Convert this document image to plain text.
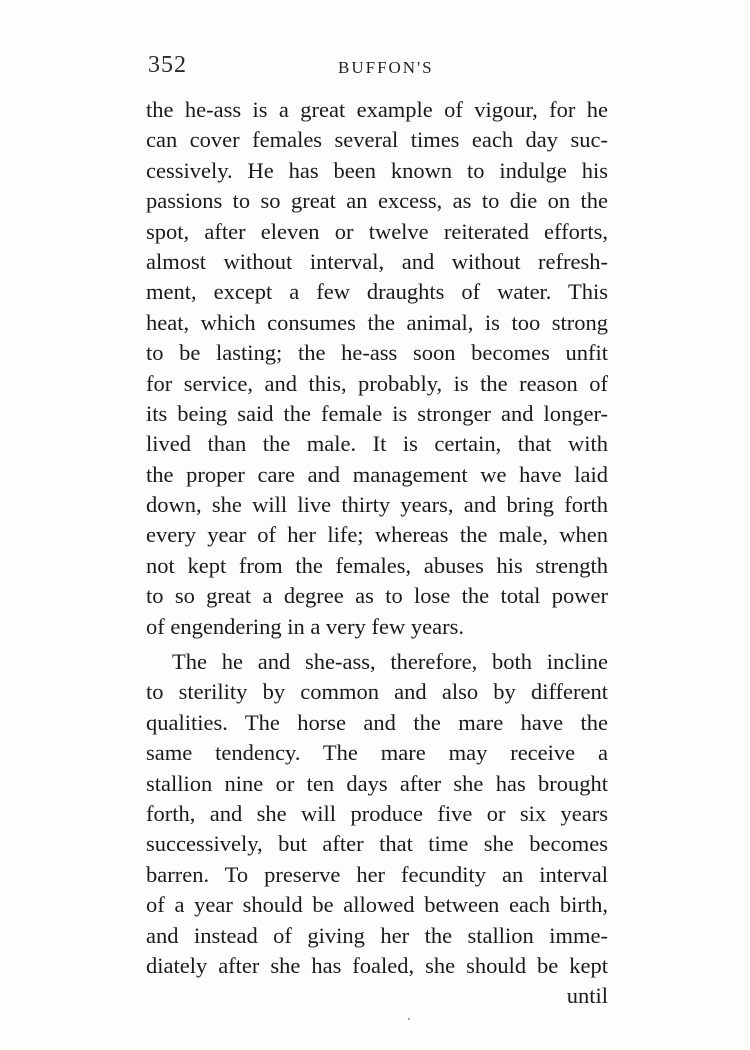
352	BUFFON'S
the he-ass is a great example of vigour, for he
can cover females several times each day suc-
cessively. He has been known to indulge his
passions to so great an excess, as to die on the
spot, after eleven or twelve reiterated efforts,
almost without interval, and without refresh-
ment, except a few draughts of water. This
heat, which consumes the animal, is too strong
to be lasting; the he-ass soon becomes unfit
for service, and this, probably, is the reason of
its being said the female is stronger and longer-
lived than the male. It is certain, that with
the proper care and management we have laid
down, she will live thirty years, and bring forth
every year of her life; whereas the male, when
not kept from the females, abuses his strength
to so great a degree as to lose the total power
of engendering in a very few years.
The he and she-ass, therefore, both incline
to sterility by common and also by different
qualities. The horse and the mare have the
same tendency. The mare may receive a
stallion nine or ten days after she has brought
forth, and she will produce five or six years
successively, but after that time she becomes
barren. To preserve her fecundity an interval
of a year should be allowed between each birth,
and instead of giving her the stallion imme-
diately after she has foaled, she should be kept
until
